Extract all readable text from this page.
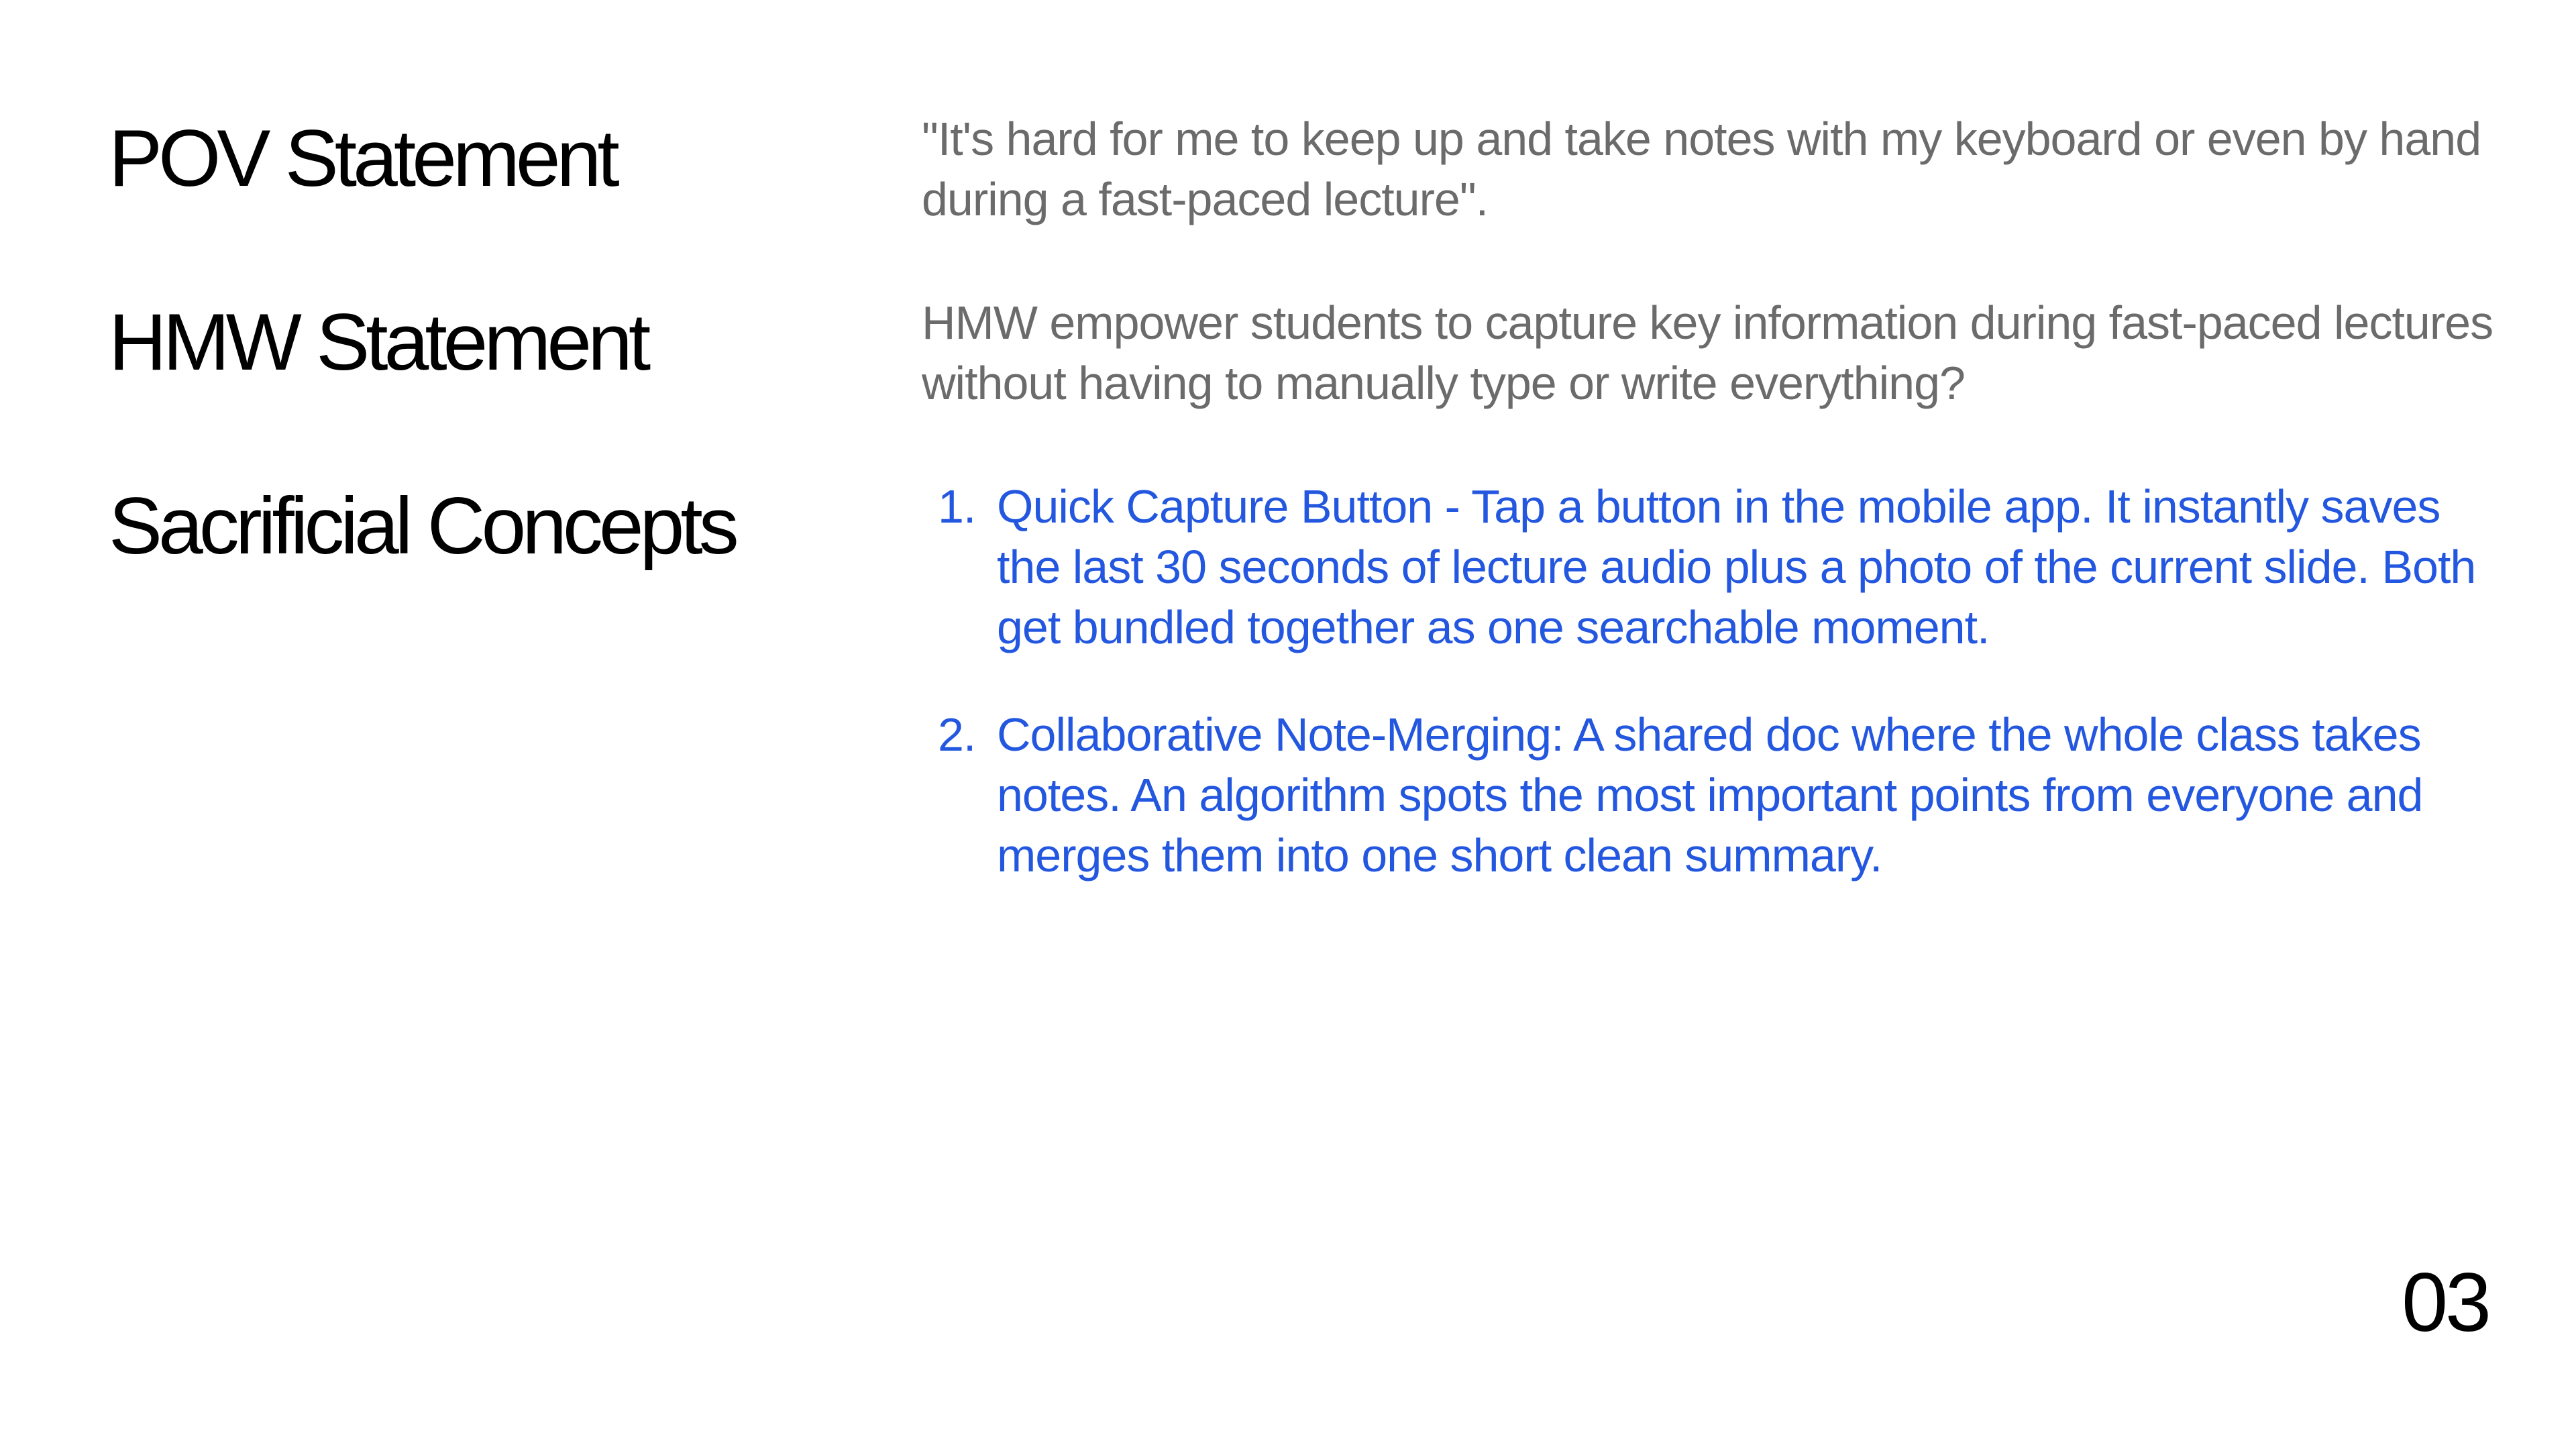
POV Statement	"It's hard for me to keep up and take notes with my keyboard or even by hand during a fast-paced lecture".

HMW Statement	HMW empower students to capture key information during fast-paced lectures without having to manually type or write everything?

Sacrificial Concepts	1. Quick Capture Button - Tap a button in the mobile app. It instantly saves the last 30 seconds of lecture audio plus a photo of the current slide. Both get bundled together as one searchable moment.
2. Collaborative Note-Merging: A shared doc where the whole class takes notes. An algorithm spots the most important points from everyone and merges them into one short clean summary.

03
